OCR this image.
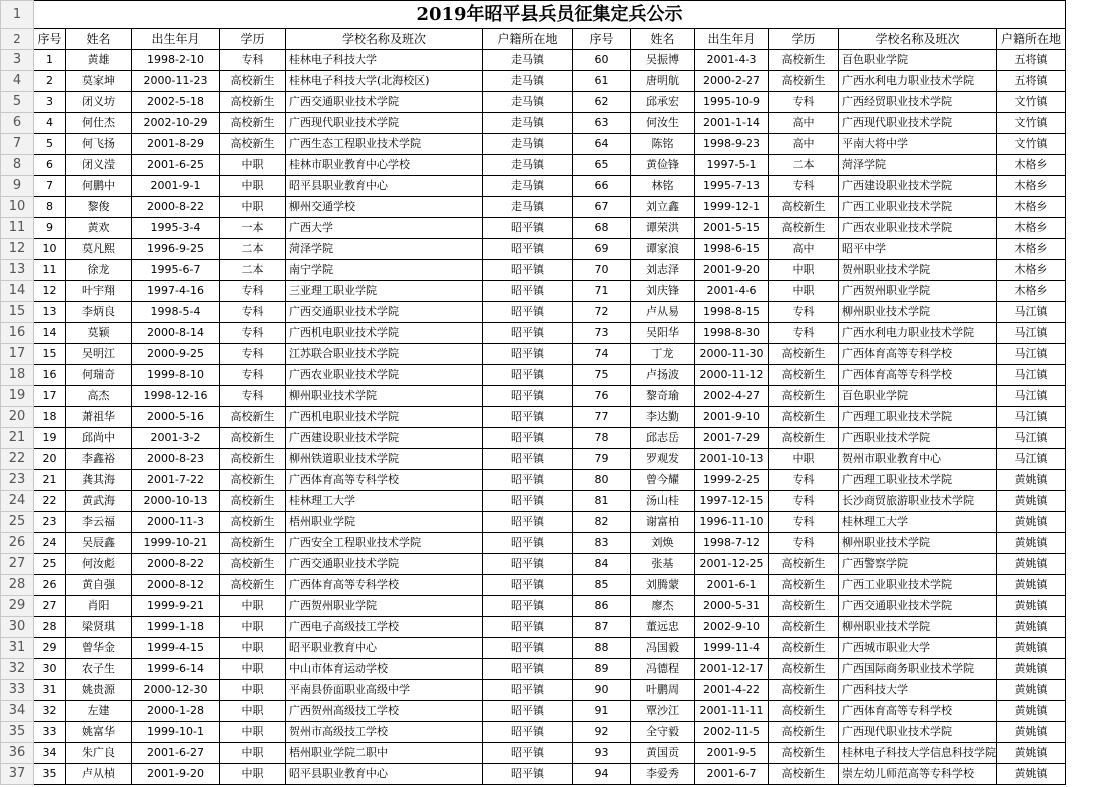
1	2019年昭平县兵员征集定兵公示											
2	序号	姓名	出生年月	学历	学校名称及班次	户籍所在地	序号	姓名	出生年月	学历	学校名称及班次	户籍所在地
3	1	黄雄	1998-2-10	专科	桂林电子科技大学	走马镇	60	吴振博	2001-4-3	高校新生	百色职业学院	五将镇
4	2	莫家坤	2000-11-23	高校新生	桂林电子科技大学(北海校区)	走马镇	61	唐明航	2000-2-27	高校新生	广西水利电力职业技术学院	五将镇
5	3	闭义坊	2002-5-18	高校新生	广西交通职业技术学院	走马镇	62	邱承宏	1995-10-9	专科	广西经贸职业技术学院	文竹镇
6	4	何仕杰	2002-10-29	高校新生	广西现代职业技术学院	走马镇	63	何汝生	2001-1-14	高中	广西现代职业技术学院	文竹镇
7	5	何飞扬	2001-8-29	高校新生	广西生态工程职业技术学院	走马镇	64	陈铭	1998-9-23	高中	平南大将中学	文竹镇
8	6	闭义滢	2001-6-25	中职	桂林市职业教育中心学校	走马镇	65	黄俭锋	1997-5-1	二本	菏泽学院	木格乡
9	7	何鹏中	2001-9-1	中职	昭平县职业教育中心	走马镇	66	林铭	1995-7-13	专科	广西建设职业技术学院	木格乡
10	8	黎俊	2000-8-22	中职	柳州交通学校	走马镇	67	刘立鑫	1999-12-1	高校新生	广西工业职业技术学院	木格乡
11	9	黄欢	1995-3-4	一本	广西大学	昭平镇	68	谭荣洪	2001-5-15	高校新生	广西农业职业技术学院	木格乡
12	10	莫凡熙	1996-9-25	二本	菏泽学院	昭平镇	69	谭家浪	1998-6-15	高中	昭平中学	木格乡
13	11	徐龙	1995-6-7	二本	南宁学院	昭平镇	70	刘志泽	2001-9-20	中职	贺州职业技术学院	木格乡
14	12	叶宇翔	1997-4-16	专科	三亚理工职业学院	昭平镇	71	刘庆锋	2001-4-6	中职	广西贺州职业学院	木格乡
15	13	李炳良	1998-5-4	专科	广西交通职业技术学院	昭平镇	72	卢从易	1998-8-15	专科	柳州职业技术学院	马江镇
16	14	莫颖	2000-8-14	专科	广西机电职业技术学院	昭平镇	73	吴阳华	1998-8-30	专科	广西水利电力职业技术学院	马江镇
17	15	吴明江	2000-9-25	专科	江苏联合职业技术学院	昭平镇	74	丁龙	2000-11-30	高校新生	广西体育高等专科学校	马江镇
18	16	何瑞奇	1999-8-10	专科	广西农业职业技术学院	昭平镇	75	卢扬波	2000-11-12	高校新生	广西体育高等专科学校	马江镇
19	17	高杰	1998-12-16	专科	柳州职业技术学院	昭平镇	76	黎奇瑜	2002-4-27	高校新生	百色职业学院	马江镇
20	18	萧祖华	2000-5-16	高校新生	广西机电职业技术学院	昭平镇	77	李达勤	2001-9-10	高校新生	广西理工职业技术学院	马江镇
21	19	邱尚中	2001-3-2	高校新生	广西建设职业技术学院	昭平镇	78	邱志岳	2001-7-29	高校新生	广西职业技术学院	马江镇
22	20	李鑫裕	2000-8-23	高校新生	柳州铁道职业技术学院	昭平镇	79	罗观发	2001-10-13	中职	贺州市职业教育中心	马江镇
23	21	龚其海	2001-7-22	高校新生	广西体育高等专科学校	昭平镇	80	曾今耀	1999-2-25	专科	广西理工职业技术学院	黄姚镇
24	22	黄武海	2000-10-13	高校新生	桂林理工大学	昭平镇	81	汤山桂	1997-12-15	专科	长沙商贸旅游职业技术学院	黄姚镇
25	23	李云福	2000-11-3	高校新生	梧州职业学院	昭平镇	82	谢富柏	1996-11-10	专科	桂林理工大学	黄姚镇
26	24	吴辰鑫	1999-10-21	高校新生	广西安全工程职业技术学院	昭平镇	83	刘焕	1998-7-12	专科	柳州职业技术学院	黄姚镇
27	25	何汝彪	2000-8-22	高校新生	广西交通职业技术学院	昭平镇	84	张基	2001-12-25	高校新生	广西警察学院	黄姚镇
28	26	黄自强	2000-8-12	高校新生	广西体育高等专科学校	昭平镇	85	刘腾蒙	2001-6-1	高校新生	广西工业职业技术学院	黄姚镇
29	27	肖阳	1999-9-21	中职	广西贺州职业学院	昭平镇	86	廖杰	2000-5-31	高校新生	广西交通职业技术学院	黄姚镇
30	28	梁贤琪	1999-1-18	中职	广西电子高级技工学校	昭平镇	87	董远忠	2002-9-10	高校新生	柳州职业技术学院	黄姚镇
31	29	曾华金	1999-4-15	中职	昭平职业教育中心	昭平镇	88	冯国毅	1999-11-4	高校新生	广西城市职业大学	黄姚镇
32	30	农子生	1999-6-14	中职	中山市体育运动学校	昭平镇	89	冯德程	2001-12-17	高校新生	广西国际商务职业技术学院	黄姚镇
33	31	姚贵源	2000-12-30	中职	平南县侨面职业高级中学	昭平镇	90	叶鹏周	2001-4-22	高校新生	广西科技大学	黄姚镇
34	32	左建	2000-1-28	中职	广西贺州高级技工学校	昭平镇	91	覃沙江	2001-11-11	高校新生	广西体育高等专科学校	黄姚镇
35	33	姚富华	1999-10-1	中职	贺州市高级技工学校	昭平镇	92	全守毅	2002-11-5	高校新生	广西现代职业技术学院	黄姚镇
36	34	朱广良	2001-6-27	中职	梧州职业学院二职中	昭平镇	93	黄国贡	2001-9-5	高校新生	桂林电子科技大学信息科技学院	黄姚镇
37	35	卢从楨	2001-9-20	中职	昭平县职业教育中心	昭平镇	94	李爱秀	2001-6-7	高校新生	崇左幼儿师范高等专科学校	黄姚镇
